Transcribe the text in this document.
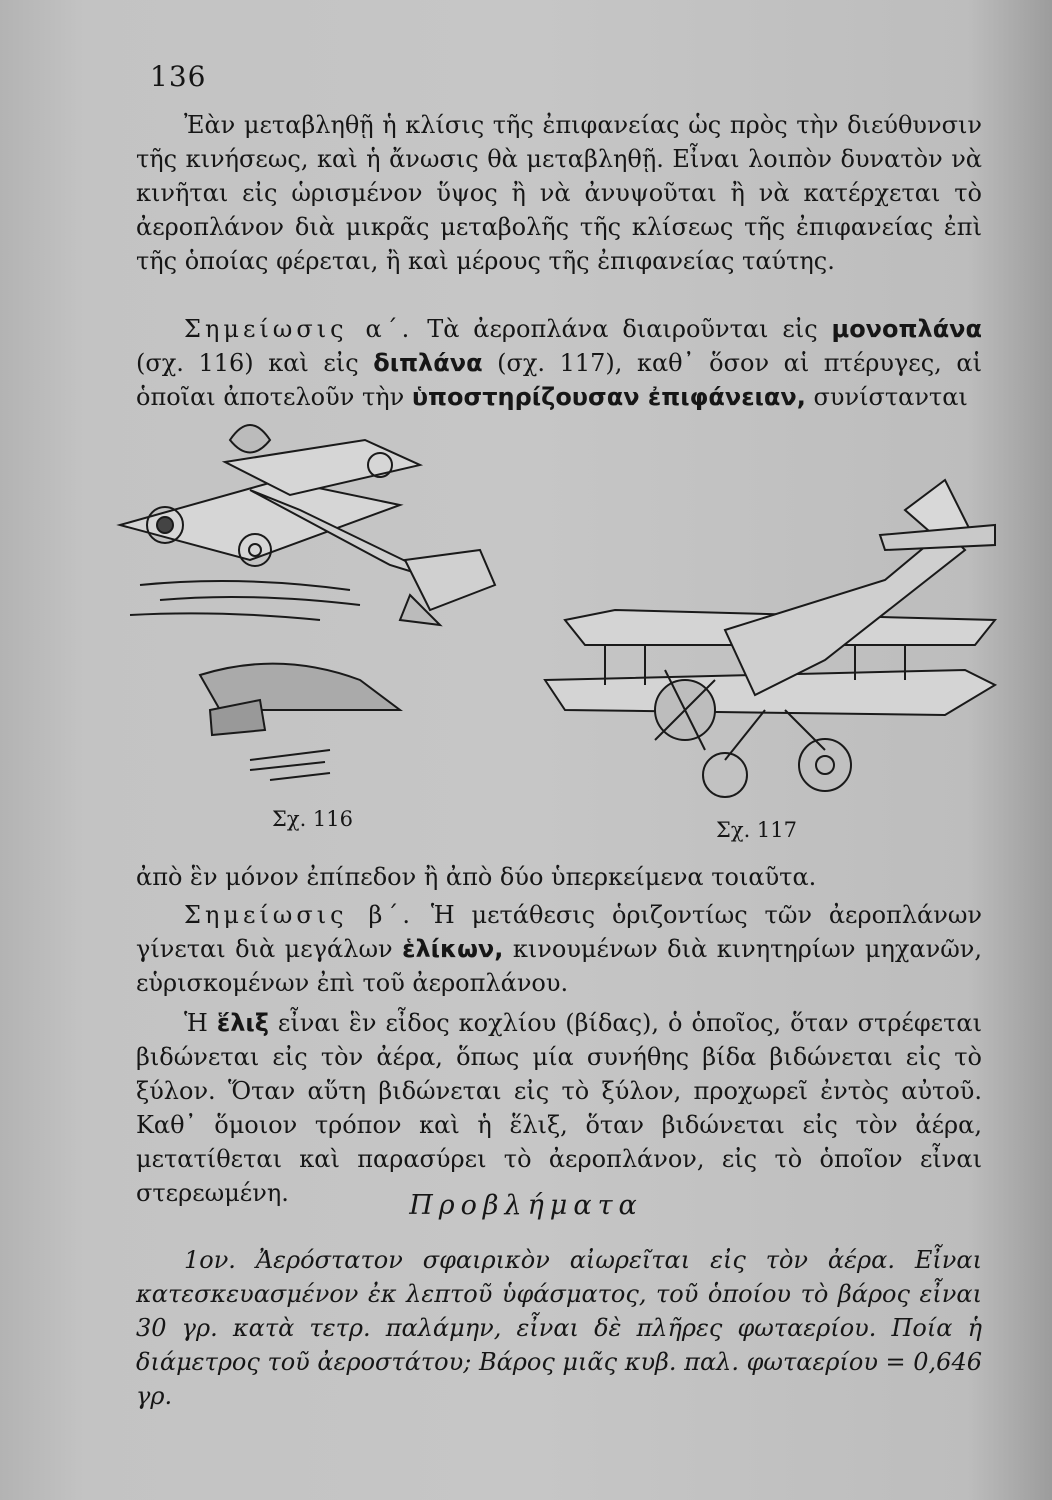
136

Ἐὰν μεταβληθῇ ἡ κλίσις τῆς ἐπιφανείας ὡς πρὸς τὴν διεύθυνσιν τῆς κινήσεως, καὶ ἡ ἄνωσις θὰ μεταβληθῇ. Εἶναι λοιπὸν δυνατὸν νὰ κινῆται εἰς ὡρισμένον ὕψος ἢ νὰ ἀνυψοῦται ἢ νὰ κατέρχεται τὸ ἀεροπλάνον διὰ μικρᾶς μεταβολῆς τῆς κλίσεως τῆς ἐπιφανείας ἐπὶ τῆς ὁποίας φέρεται, ἢ καὶ μέρους τῆς ἐπιφανείας ταύτης.

Σημείωσις α΄. Τὰ ἀεροπλάνα διαιροῦνται εἰς μονοπλάνα (σχ. 116) καὶ εἰς διπλάνα (σχ. 117), καθ᾽ ὅσον αἱ πτέρυγες, αἱ ὁποῖαι ἀποτελοῦν τὴν ὑποστηρίζουσαν ἐπιφάνειαν, συνίστανται

Σχ. 116	Σχ. 117

ἀπὸ ἓν μόνον ἐπίπεδον ἢ ἀπὸ δύο ὑπερκείμενα τοιαῦτα.

Σημείωσις β΄. Ἡ μετάθεσις ὁριζοντίως τῶν ἀεροπλάνων γίνεται διὰ μεγάλων ἑλίκων, κινουμένων διὰ κινητηρίων μηχανῶν, εὑρισκομένων ἐπὶ τοῦ ἀεροπλάνου.

Ἡ ἕλιξ εἶναι ἓν εἶδος κοχλίου (βίδας), ὁ ὁποῖος, ὅταν στρέφεται βιδώνεται εἰς τὸν ἀέρα, ὅπως μία συνήθης βίδα βιδώνεται εἰς τὸ ξύλον. Ὅταν αὕτη βιδώνεται εἰς τὸ ξύλον, προχωρεῖ ἐντὸς αὐτοῦ. Καθ᾽ ὅμοιον τρόπον καὶ ἡ ἕλιξ, ὅταν βιδώνεται εἰς τὸν ἀέρα, μετατίθεται καὶ παρασύρει τὸ ἀεροπλάνον, εἰς τὸ ὁποῖον εἶναι στερεωμένη.	Προβλήματα

1ον. Ἀερόστατον σφαιρικὸν αἰωρεῖται εἰς τὸν ἀέρα. Εἶναι κατεσκευασμένον ἐκ λεπτοῦ ὑφάσματος, τοῦ ὁποίου τὸ βάρος εἶναι 30 γρ. κατὰ τετρ. παλάμην, εἶναι δὲ πλῆρες φωταερίου. Ποία ἡ διάμετρος τοῦ ἀεροστάτου; Βάρος μιᾶς κυβ. παλ. φωταερίου = 0,646 γρ.
